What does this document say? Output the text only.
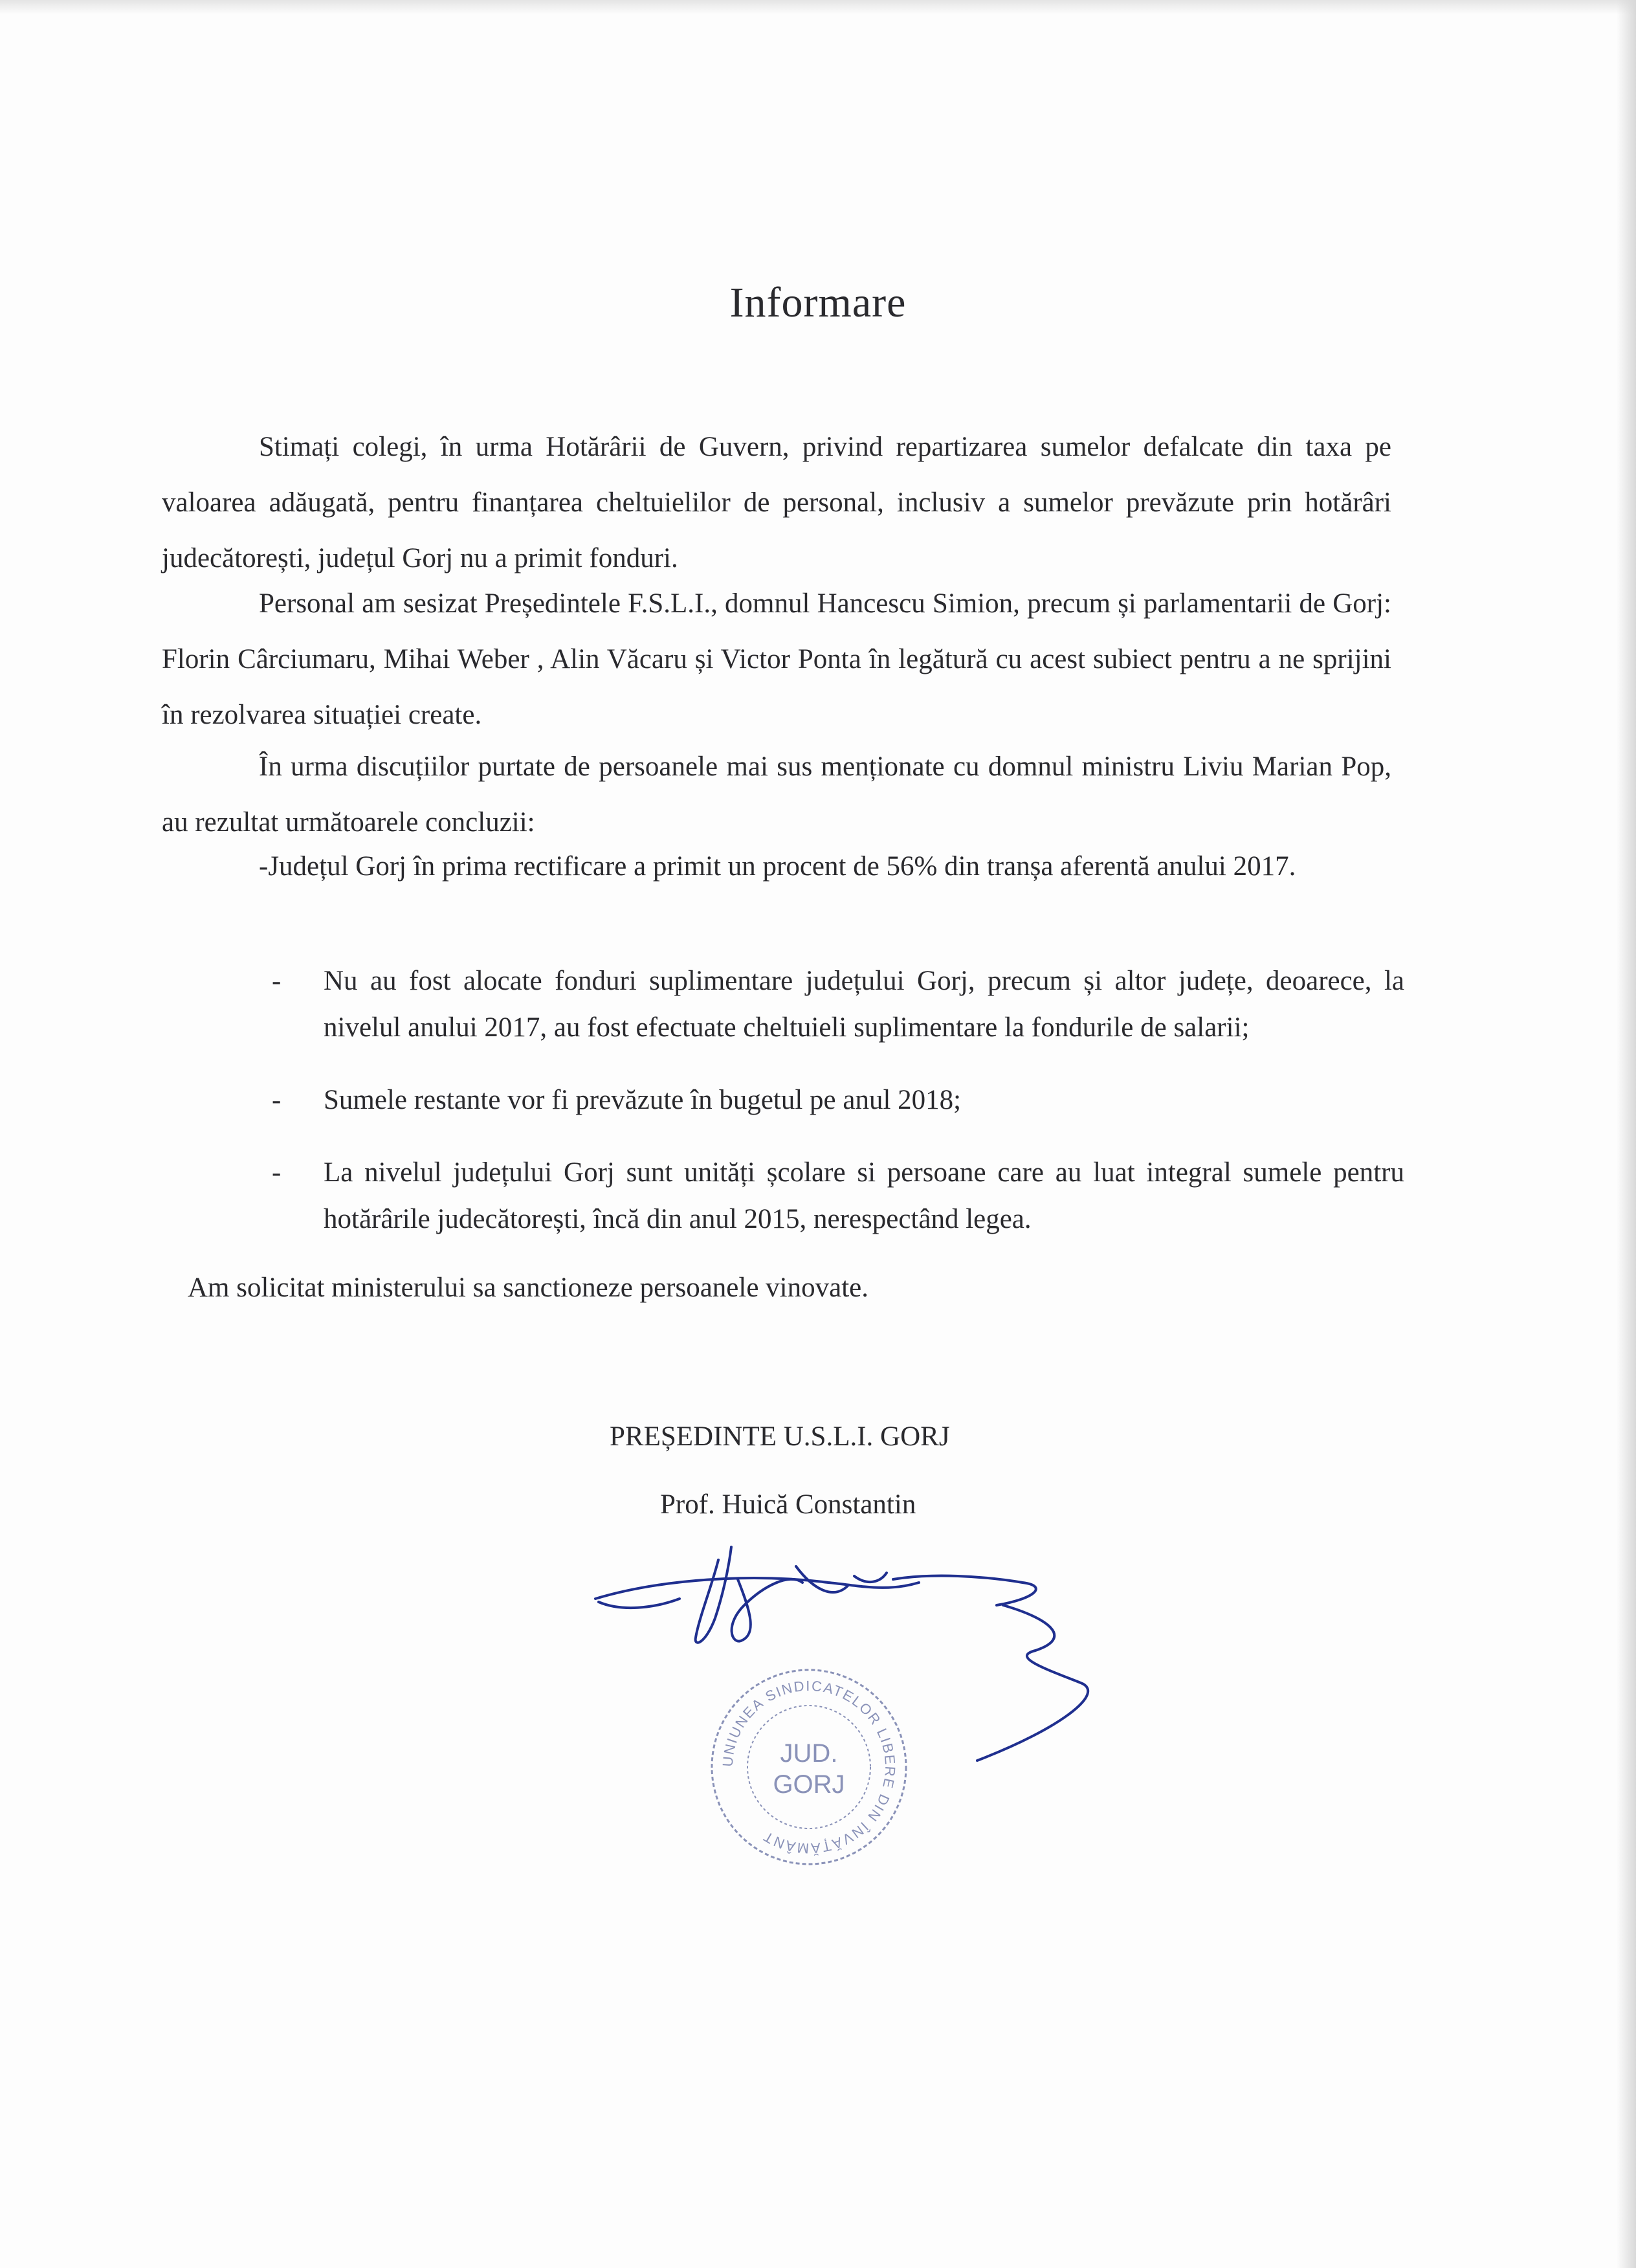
Informare

Stimați colegi, în urma Hotărârii de Guvern, privind repartizarea sumelor defalcate din taxa pe valoarea adăugată, pentru finanțarea cheltuielilor de personal, inclusiv a sumelor prevăzute prin hotărâri judecătorești, județul Gorj nu a primit fonduri.

Personal am sesizat Președintele F.S.L.I., domnul Hancescu Simion, precum și parlamentarii de Gorj: Florin Cârciumaru, Mihai Weber , Alin Văcaru și Victor Ponta în legătură cu acest subiect pentru a ne sprijini în rezolvarea situației create.

În urma discuțiilor purtate de persoanele mai sus menționate cu domnul ministru Liviu Marian Pop, au rezultat următoarele concluzii:

-Județul Gorj în prima rectificare a primit un procent de 56% din tranșa aferentă anului 2017.

- Nu au fost alocate fonduri suplimentare județului Gorj, precum și altor județe, deoarece, la nivelul anului 2017, au fost efectuate cheltuieli suplimentare la fondurile de salarii;
- Sumele restante vor fi prevăzute în bugetul pe anul 2018;
- La nivelul județului Gorj sunt unități școlare si persoane care au luat integral sumele pentru hotărârile judecătorești, încă din anul 2015, nerespectând legea.
Am solicitat ministerului sa sanctioneze persoanele vinovate.
PREȘEDINTE U.S.L.I. GORJ
Prof. Huică Constantin
UNIUNEA SINDICATELOR LIBERE DIN ÎNVĂȚĂMÂNT
JUD.
GORJ
